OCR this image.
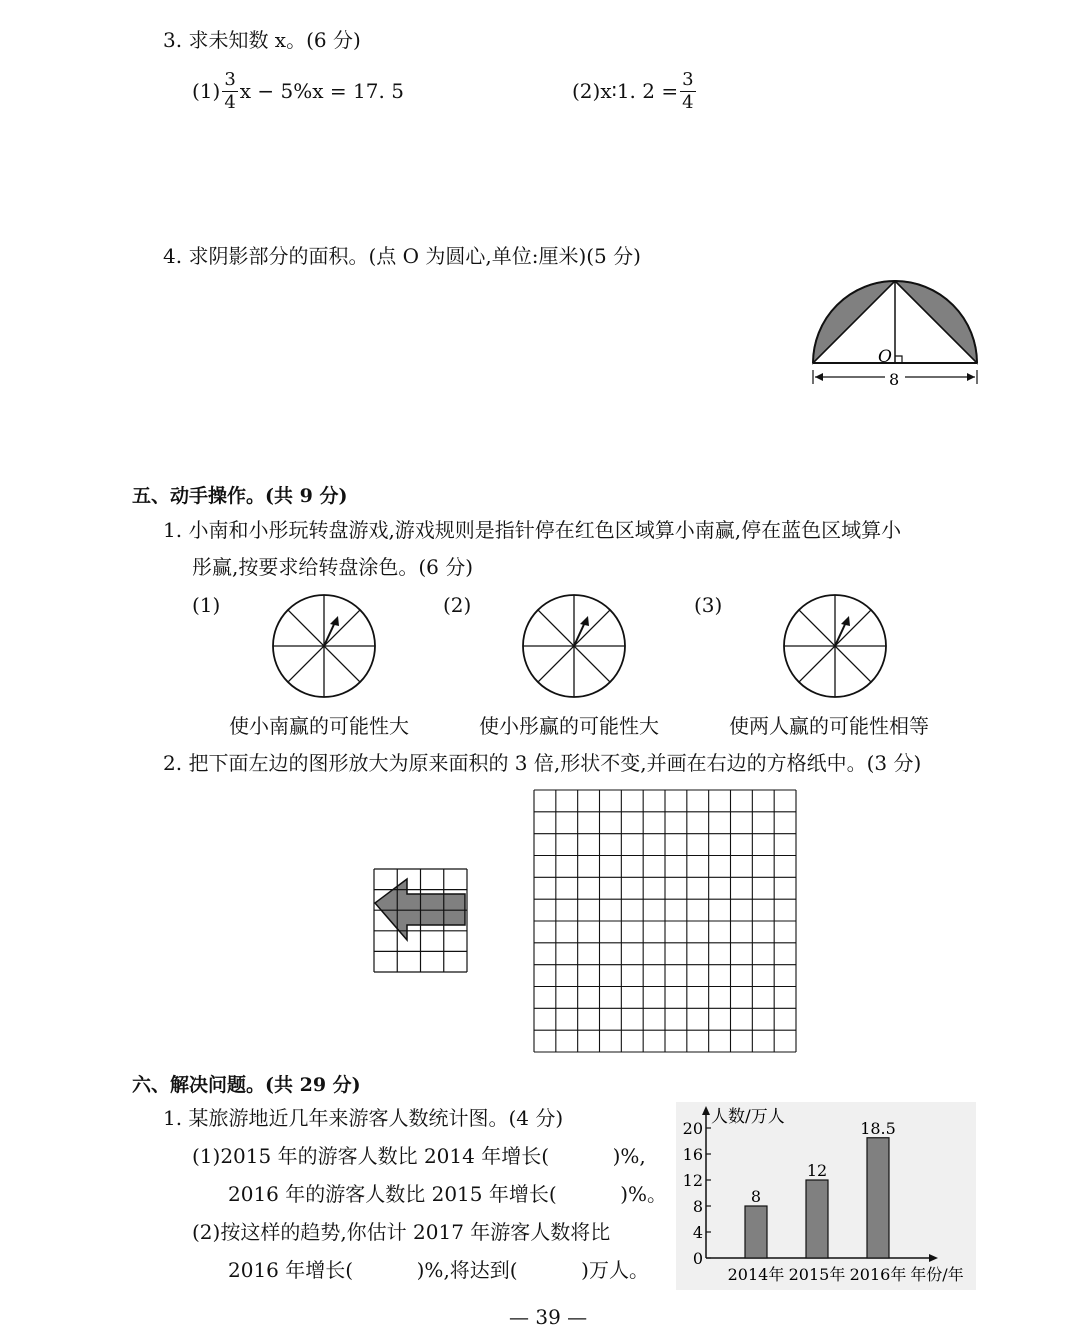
3. 求未知数 x。(6 分)
$(1) \frac{3}{4}$ x − 5%x = 17. 5	(2)x∶1. $2 = \frac{3}{4}$
4. 求阴影部分的面积。(点 O 为圆心,单位:厘米)(5 分)
O
8
五、动手操作。(共 9 分)
1. 小南和小彤玩转盘游戏,游戏规则是指针停在红色区域算小南赢,停在蓝色区域算小
彤赢,按要求给转盘涂色。(6 分)
(1)
使小南赢的可能性大
(2)
使小彤赢的可能性大
(3)
使两人赢的可能性相等
2. 把下面左边的图形放大为原来面积的 3 倍,形状不变,并画在右边的方格纸中。(3 分)
六、解决问题。(共 29 分)
1. 某旅游地近几年来游客人数统计图。(4 分)
(1)2015 年的游客人数比 2014 年增长(          )%,
2016 年的游客人数比 2015 年增长(          )%。
(2)按这样的趋势,你估计 2017 年游客人数将比
2016 年增长(          )%,将达到(          )万人。
人数/万人
0
4
8
12
16
20
8
2014年
12
2015年
18.5
2016年 年份/年
— 39 —
